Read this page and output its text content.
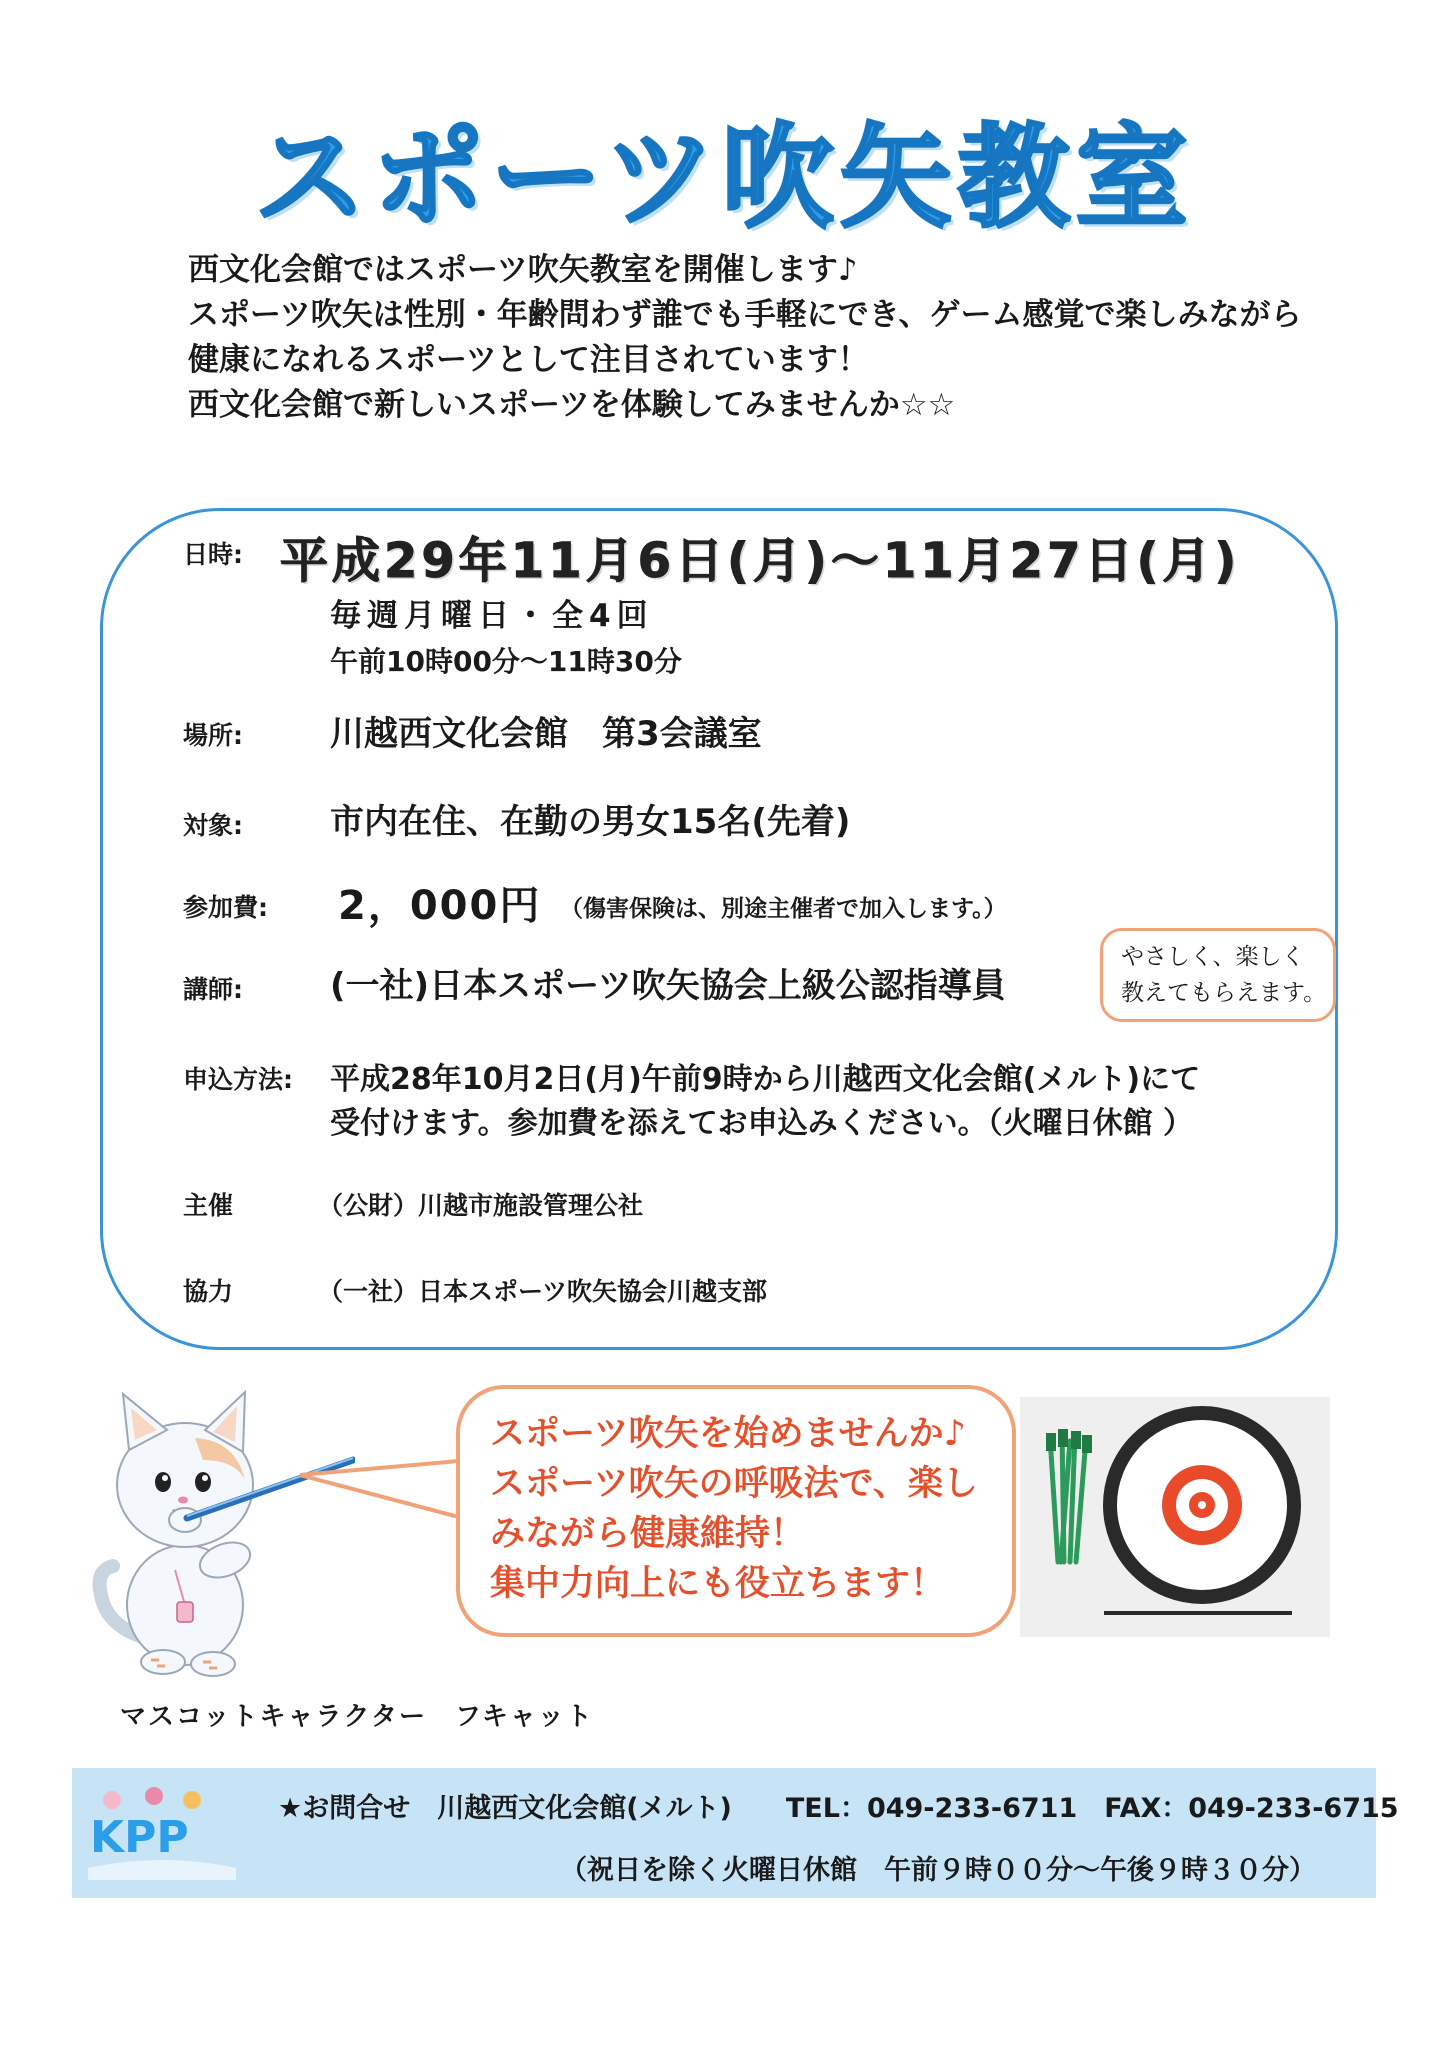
スポーツ吹矢教室
西文化会館ではスポーツ吹矢教室を開催します♪
スポーツ吹矢は性別・年齢問わず誰でも手軽にでき、ゲーム感覚で楽しみながら
健康になれるスポーツとして注目されています！
西文化会館で新しいスポーツを体験してみませんか☆☆
日時: 平成29年11月6日(月)～11月27日(月)
毎週月曜日・全4回
午前10時00分～11時30分
場所:	川越西文化会館　第3会議室
対象:	市内在住、在勤の男女15名(先着)
参加費: 2，000円 （傷害保険は、別途主催者で加入します。）
講師:	(一社)日本スポーツ吹矢協会上級公認指導員
やさしく、楽しく
教えてもらえます。
申込方法: 平成28年10月2日(月)午前9時から川越西文化会館(メルト)にて
受付けます。参加費を添えてお申込みください。（火曜日休館 ）
主催	（公財）川越市施設管理公社
協力	（一社）日本スポーツ吹矢協会川越支部
スポーツ吹矢を始めませんか♪
スポーツ吹矢の呼吸法で、楽し
みながら健康維持！
集中力向上にも役立ちます！
マスコットキャラクター　フキャット
KPP
★お問合せ　川越西文化会館(メルト)　　TEL：049-233-6711　FAX：049-233-6715
（祝日を除く火曜日休館　午前９時００分～午後９時３０分）
